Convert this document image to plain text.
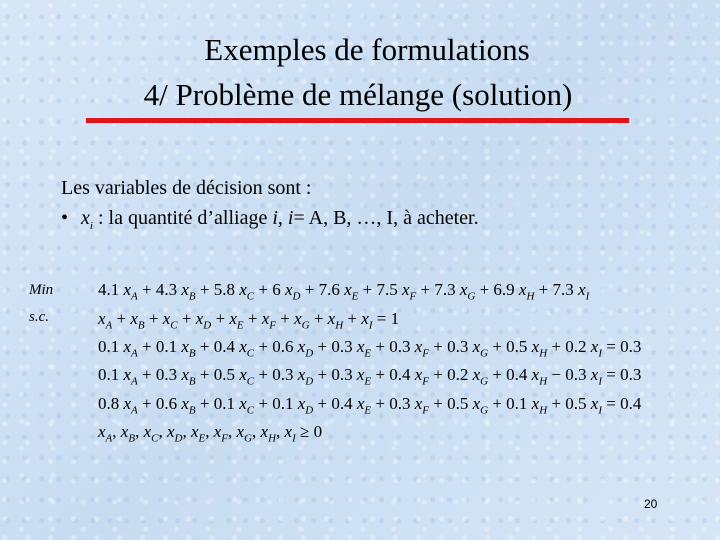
Exemples de formulations
4/ Problème de mélange (solution)
Les variables de décision sont :
• $x_i$ : la quantité d’alliage i, i= A, B, …, I, à acheter.
Min
s.c.
4.1 $x_A + 4.3$ $x_B + 5.8$ $x_C + 6$ $x_D + 7.6$ $x_E + 7.5$ $x_F + 7.3$ $x_G + 6.9$ $x_H + 7.3$ $x_I$
$x_A + x_B + x_C + x_D + x_E + x_F + x_G + x_H + x_I = 1$
0.1 $x_A + 0.1$ $x_B + 0.4$ $x_C + 0.6$ $x_D + 0.3$ $x_E + 0.3$ $x_F + 0.3$ $x_G + 0.5$ $x_H + 0.2$ $x_I = 0.3$
0.1 $x_A + 0.3$ $x_B + 0.5$ $x_C + 0.3$ $x_D + 0.3$ $x_E + 0.4$ $x_F + 0.2$ $x_G + 0.4$ $x_H - 0.3$ $x_I = 0.3$
0.8 $x_A + 0.6$ $x_B + 0.1$ $x_C + 0.1$ $x_D + 0.4$ $x_E + 0.3$ $x_F + 0.5$ $x_G + 0.1$ $x_H + 0.5$ $x_I = 0.4$
$x_A$, $x_B$, $x_C$, $x_D$, $x_E$, $x_F$, $x_G$, $x_H$, $x_I \ge 0$
20
